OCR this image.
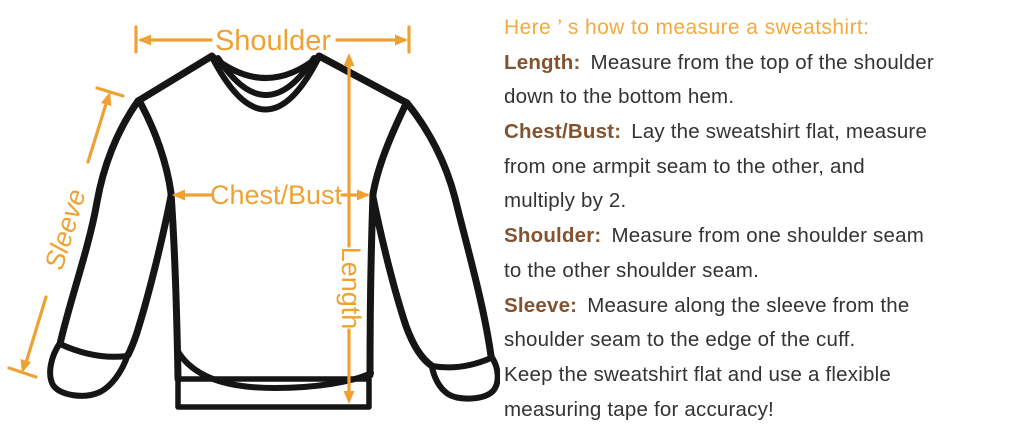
Shoulder
Chest/Bust
Length
Sleeve
Here ’ s how to measure a sweatshirt:
Length: Measure from the top of the shoulder
down to the bottom hem.
Chest/Bust: Lay the sweatshirt flat, measure
from one armpit seam to the other, and
multiply by 2.
Shoulder: Measure from one shoulder seam
to the other shoulder seam.
Sleeve: Measure along the sleeve from the
shoulder seam to the edge of the cuff.
Keep the sweatshirt flat and use a flexible
measuring tape for accuracy!
